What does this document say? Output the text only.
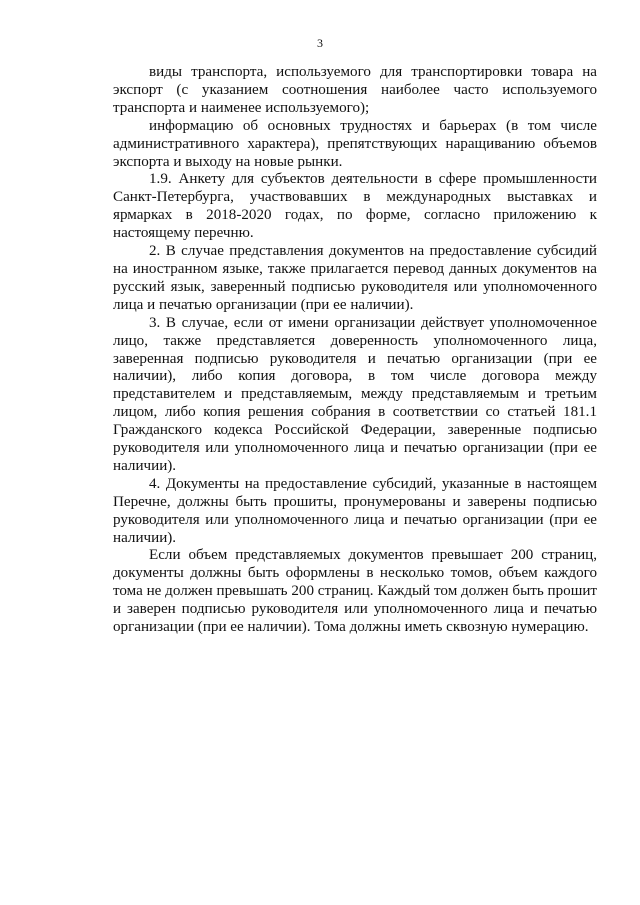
3

виды транспорта, используемого для транспортировки товара на экспорт (с указанием соотношения наиболее часто используемого транспорта и наименее используемого);

информацию об основных трудностях и барьерах (в том числе административного характера), препятствующих наращиванию объемов экспорта и выходу на новые рынки.

1.9. Анкету для субъектов деятельности в сфере промышленности Санкт-Петербурга, участвовавших в международных выставках и ярмарках в 2018-2020 годах, по форме, согласно приложению к настоящему перечню.

2. В случае представления документов на предоставление субсидий на иностранном языке, также прилагается перевод данных документов на русский язык, заверенный подписью руководителя или уполномоченного лица и печатью организации (при ее наличии).

3. В случае, если от имени организации действует уполномоченное лицо, также представляется доверенность уполномоченного лица, заверенная подписью руководителя и печатью организации (при ее наличии), либо копия договора, в том числе договора между представителем и представляемым, между представляемым и третьим лицом, либо копия решения собрания в соответствии со статьей 181.1 Гражданского кодекса Российской Федерации, заверенные подписью руководителя или уполномоченного лица и печатью организации (при ее наличии).

4. Документы на предоставление субсидий, указанные в настоящем Перечне, должны быть прошиты, пронумерованы и заверены подписью руководителя или уполномоченного лица и печатью организации (при ее наличии).

Если объем представляемых документов превышает 200 страниц, документы должны быть оформлены в несколько томов, объем каждого тома не должен превышать 200 страниц. Каждый том должен быть прошит и заверен подписью руководителя или уполномоченного лица и печатью организации (при ее наличии). Тома должны иметь сквозную нумерацию.
